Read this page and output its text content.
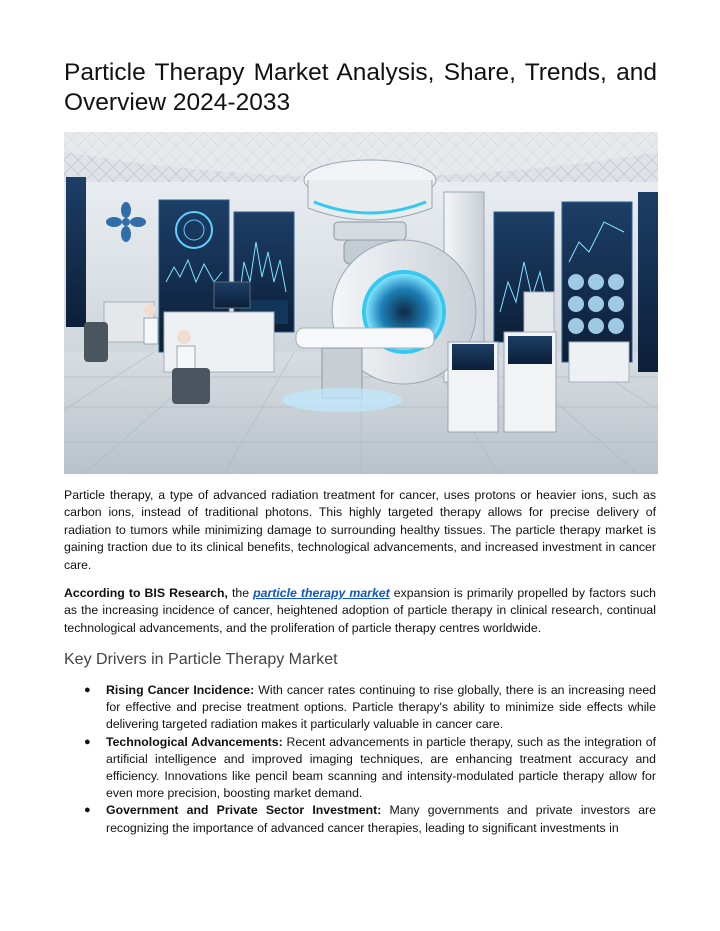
Particle Therapy Market Analysis, Share, Trends, and Overview 2024-2033

Particle therapy, a type of advanced radiation treatment for cancer, uses protons or heavier ions, such as carbon ions, instead of traditional photons. This highly targeted therapy allows for precise delivery of radiation to tumors while minimizing damage to surrounding healthy tissues. The particle therapy market is gaining traction due to its clinical benefits, technological advancements, and increased investment in cancer care.

According to BIS Research, the particle therapy market expansion is primarily propelled by factors such as the increasing incidence of cancer, heightened adoption of particle therapy in clinical research, continual technological advancements, and the proliferation of particle therapy centres worldwide.

Key Drivers in Particle Therapy Market
● Rising Cancer Incidence: With cancer rates continuing to rise globally, there is an increasing need for effective and precise treatment options. Particle therapy's ability to minimize side effects while delivering targeted radiation makes it particularly valuable in cancer care.
● Technological Advancements: Recent advancements in particle therapy, such as the integration of artificial intelligence and improved imaging techniques, are enhancing treatment accuracy and efficiency. Innovations like pencil beam scanning and intensity-modulated particle therapy allow for even more precision, boosting market demand.
● Government and Private Sector Investment: Many governments and private investors are recognizing the importance of advanced cancer therapies, leading to significant investments in
